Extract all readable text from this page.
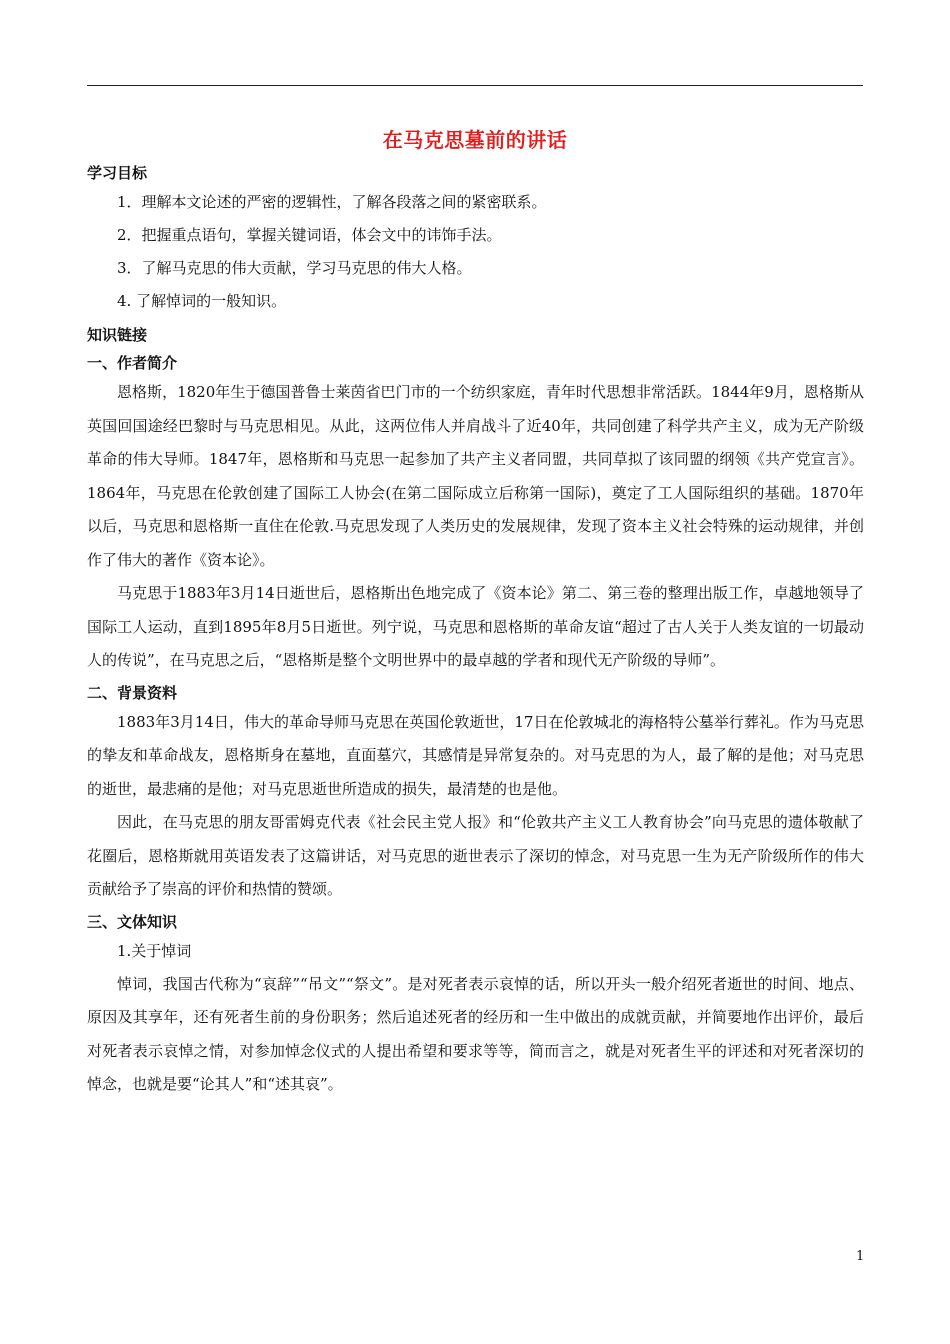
在马克思墓前的讲话
学习目标
1．理解本文论述的严密的逻辑性，了解各段落之间的紧密联系。
2．把握重点语句，掌握关键词语，体会文中的讳饰手法。
3．了解马克思的伟大贡献，学习马克思的伟大人格。
4. 了解悼词的一般知识。
知识链接
一、作者简介

恩格斯，1820年生于德国普鲁士莱茵省巴门市的一个纺织家庭，青年时代思想非常活跃。1844年9月，恩格斯从英国回国途经巴黎时与马克思相见。从此，这两位伟人并肩战斗了近40年，共同创建了科学共产主义，成为无产阶级革命的伟大导师。1847年，恩格斯和马克思一起参加了共产主义者同盟，共同草拟了该同盟的纲领《共产党宣言》。1864年，马克思在伦敦创建了国际工人协会(在第二国际成立后称第一国际)，奠定了工人国际组织的基础。1870年以后，马克思和恩格斯一直住在伦敦.马克思发现了人类历史的发展规律，发现了资本主义社会特殊的运动规律，并创作了伟大的著作《资本论》。

马克思于1883年3月14日逝世后，恩格斯出色地完成了《资本论》第二、第三卷的整理出版工作，卓越地领导了国际工人运动，直到1895年8月5日逝世。列宁说，马克思和恩格斯的革命友谊“超过了古人关于人类友谊的一切最动人的传说”，在马克思之后，“恩格斯是整个文明世界中的最卓越的学者和现代无产阶级的导师”。

二、背景资料

1883年3月14日，伟大的革命导师马克思在英国伦敦逝世，17日在伦敦城北的海格特公墓举行葬礼。作为马克思的挚友和革命战友，恩格斯身在墓地，直面墓穴，其感情是异常复杂的。对马克思的为人，最了解的是他；对马克思的逝世，最悲痛的是他；对马克思逝世所造成的损失，最清楚的也是他。

因此，在马克思的朋友哥雷姆克代表《社会民主党人报》和“伦敦共产主义工人教育协会”向马克思的遗体敬献了花圈后，恩格斯就用英语发表了这篇讲话，对马克思的逝世表示了深切的悼念，对马克思一生为无产阶级所作的伟大贡献给予了崇高的评价和热情的赞颂。

三、文体知识
1.关于悼词

悼词，我国古代称为“哀辞”“吊文”“祭文”。是对死者表示哀悼的话，所以开头一般介绍死者逝世的时间、地点、原因及其享年，还有死者生前的身份职务；然后追述死者的经历和一生中做出的成就贡献，并简要地作出评价，最后对死者表示哀悼之情，对参加悼念仪式的人提出希望和要求等等，简而言之，就是对死者生平的评述和对死者深切的悼念，也就是要“论其人”和“述其哀”。

1
